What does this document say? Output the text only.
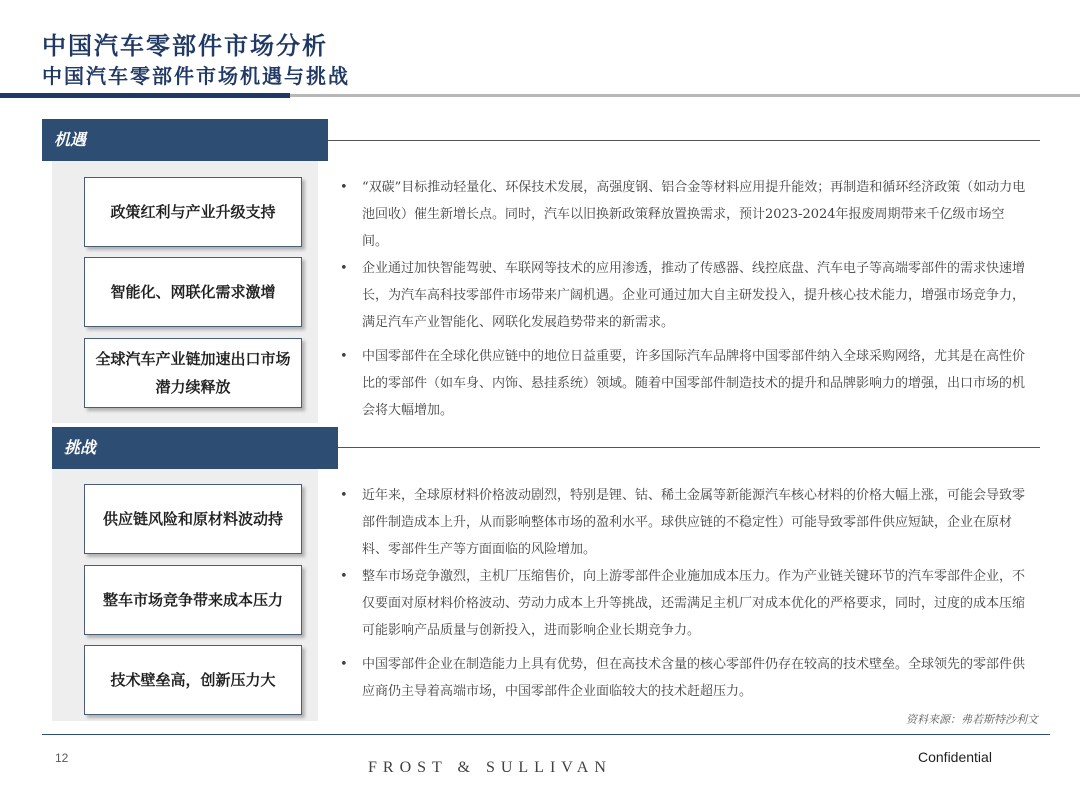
中国汽车零部件市场分析
中国汽车零部件市场机遇与挑战
机遇
政策红利与产业升级支持
•	“双碳”目标推动轻量化、环保技术发展，高强度钢、铝合金等材料应用提升能效；再制造和循环经济政策（如动力电池回收）催生新增长点。同时，汽车以旧换新政策释放置换需求，预计2023-2024年报废周期带来千亿级市场空间。
智能化、网联化需求激增
•	企业通过加快智能驾驶、车联网等技术的应用渗透，推动了传感器、线控底盘、汽车电子等高端零部件的需求快速增长，为汽车高科技零部件市场带来广阔机遇。企业可通过加大自主研发投入，提升核心技术能力，增强市场竞争力，满足汽车产业智能化、网联化发展趋势带来的新需求。
全球汽车产业链加速出口市场潜力续释放
•	中国零部件在全球化供应链中的地位日益重要，许多国际汽车品牌将中国零部件纳入全球采购网络，尤其是在高性价比的零部件（如车身、内饰、悬挂系统）领域。随着中国零部件制造技术的提升和品牌影响力的增强，出口市场的机会将大幅增加。
挑战
供应链风险和原材料波动持
•	近年来，全球原材料价格波动剧烈，特别是锂、钴、稀土金属等新能源汽车核心材料的价格大幅上涨，可能会导致零部件制造成本上升，从而影响整体市场的盈利水平。球供应链的不稳定性）可能导致零部件供应短缺，企业在原材料、零部件生产等方面面临的风险增加。
整车市场竞争带来成本压力
•	整车市场竞争激烈，主机厂压缩售价，向上游零部件企业施加成本压力。作为产业链关键环节的汽车零部件企业，不仅要面对原材料价格波动、劳动力成本上升等挑战，还需满足主机厂对成本优化的严格要求，同时，过度的成本压缩可能影响产品质量与创新投入，进而影响企业长期竞争力。
技术壁垒高，创新压力大
•	中国零部件企业在制造能力上具有优势，但在高技术含量的核心零部件仍存在较高的技术壁垒。全球领先的零部件供应商仍主导着高端市场，中国零部件企业面临较大的技术赶超压力。
资料来源：弗若斯特沙利文
12
FROST & SULLIVAN
Confidential
